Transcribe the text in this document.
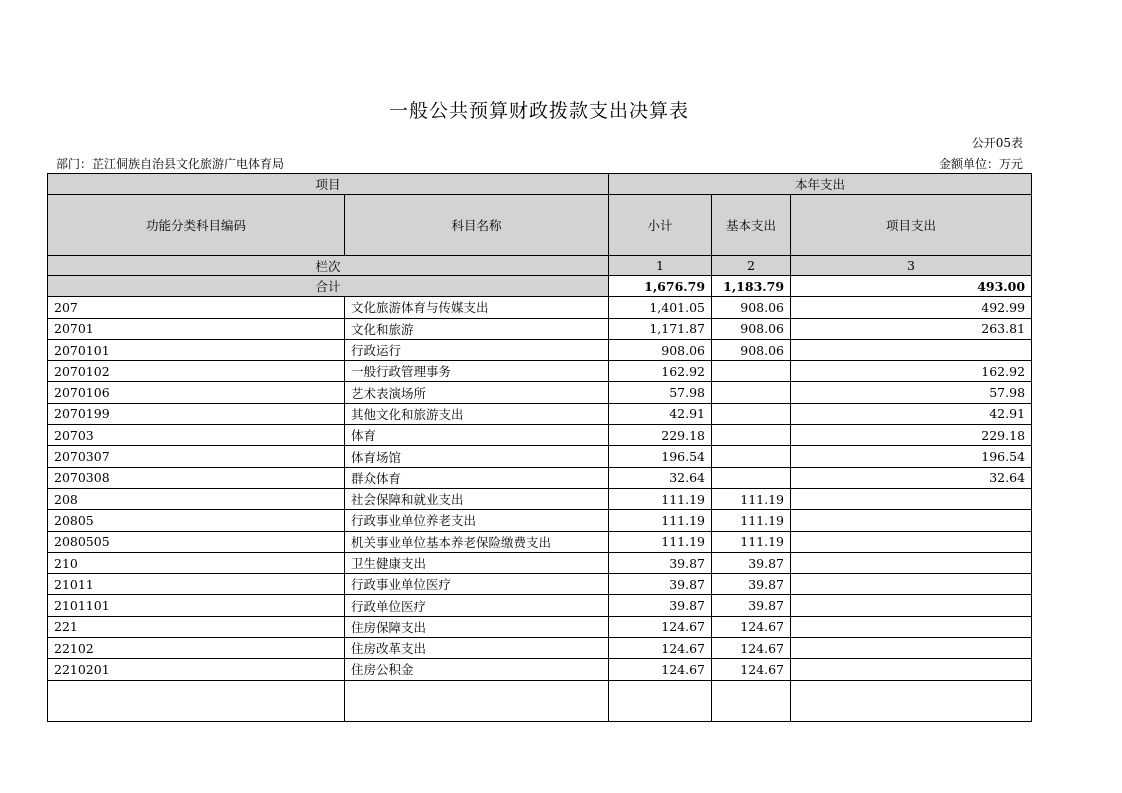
一般公共预算财政拨款支出决算表
公开05表
部门：芷江侗族自治县文化旅游广电体育局	金额单位：万元
项目		本年支出		
功能分类科目编码	科目名称	小计	基本支出	项目支出
栏次		1	2	3
合计		1,676.79	1,183.79	493.00
207	文化旅游体育与传媒支出	1,401.05	908.06	492.99
20701	文化和旅游	1,171.87	908.06	263.81
2070101	行政运行	908.06	908.06	
2070102	一般行政管理事务	162.92		162.92
2070106	艺术表演场所	57.98		57.98
2070199	其他文化和旅游支出	42.91		42.91
20703	体育	229.18		229.18
2070307	体育场馆	196.54		196.54
2070308	群众体育	32.64		32.64
208	社会保障和就业支出	111.19	111.19	
20805	行政事业单位养老支出	111.19	111.19	
2080505	机关事业单位基本养老保险缴费支出	111.19	111.19	
210	卫生健康支出	39.87	39.87	
21011	行政事业单位医疗	39.87	39.87	
2101101	行政单位医疗	39.87	39.87	
221	住房保障支出	124.67	124.67	
22102	住房改革支出	124.67	124.67	
2210201	住房公积金	124.67	124.67	
